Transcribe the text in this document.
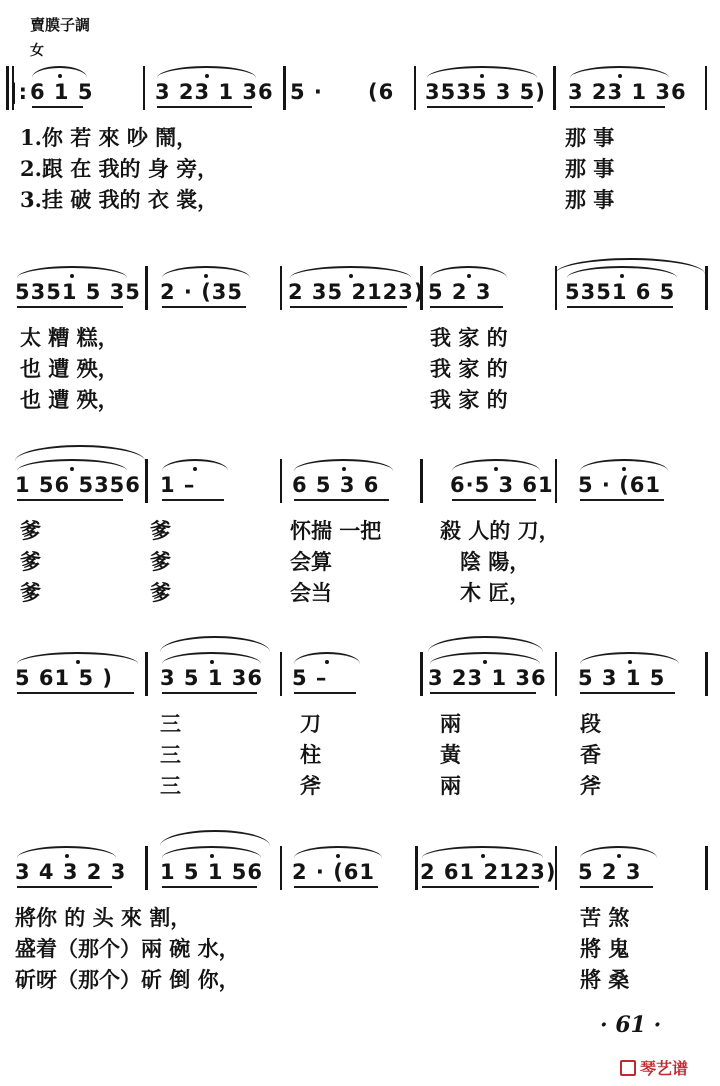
賣膜子調
女
|: 6 1 5	3 23 1 36 5 · (6 3535 3 5) 3 23 1 36
1.你 若 來 吵 鬧，	那 事
2.跟 在 我的 身 旁，	那 事
3.挂 破 我的 衣 裳，	那 事
5351 5 35 2 · (35 2 35 2123) 5 2 3	5351 6 5
太 糟 糕，	我 家 的
也 遭 殃，	我 家 的
也 遭 殃，	我 家 的
1 56 5356 1 –	6 5 3 6	6·5 3 61 5 · (61
爹	爹	怀揣 一把	殺 人的 刀，
爹	爹	会算	陰 陽，
爹	爹	会当	木 匠，
5 61 5 ) 3 5 1 36 5 –	3 23 1 36 5 3 1 5
三	刀	兩	段
三	柱	黃	香
三	斧	兩	斧
3 4 3 2 3 1 5 1 56 2 · (61 2 61 2123) 5 2 3
將你 的 头 來 割，	苦 煞
盛着（那个）兩 碗 水，	將 鬼
斫呀（那个）斫 倒 你，	將 桑
· 61 ·
琴艺谱
